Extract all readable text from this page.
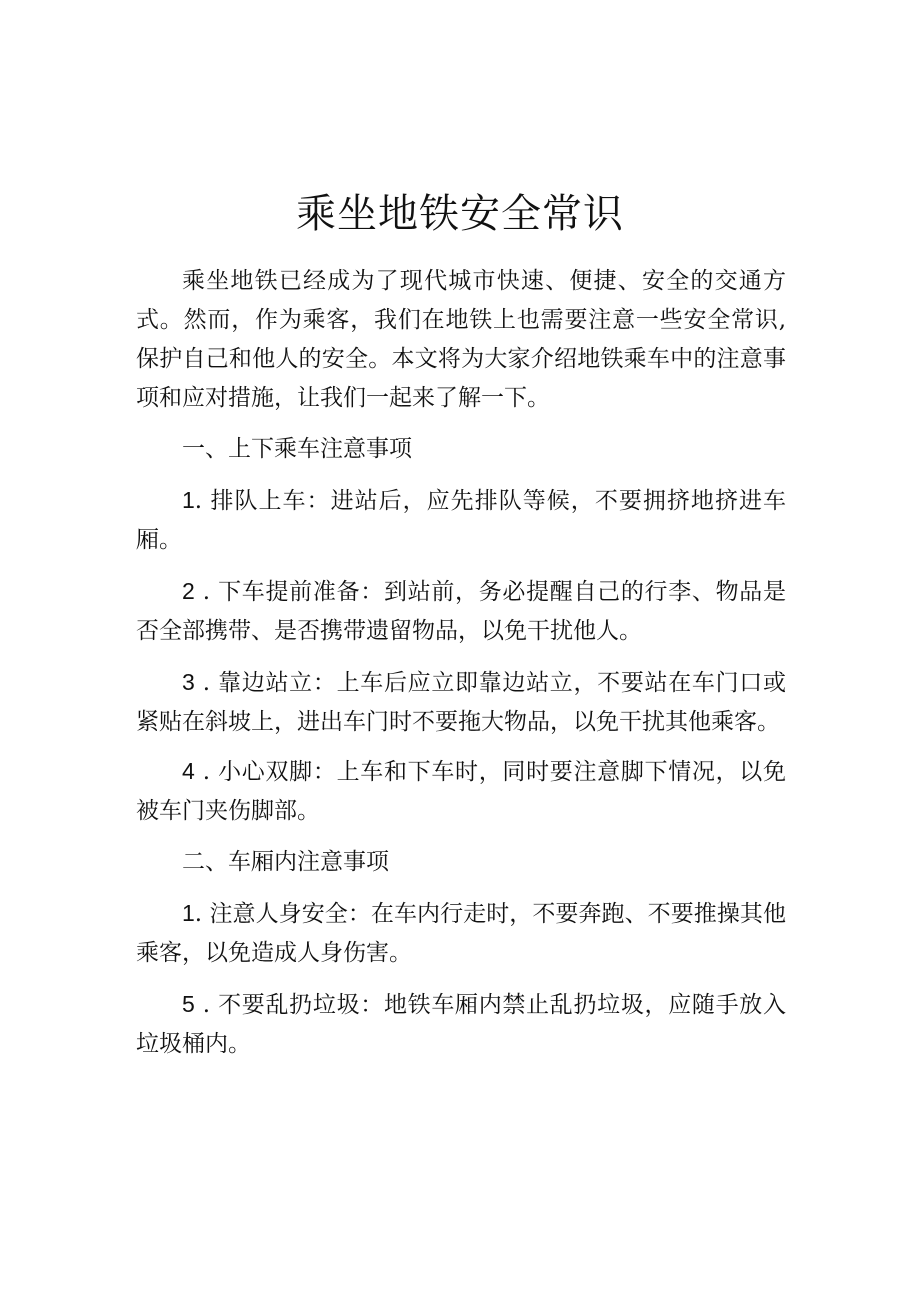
乘坐地铁安全常识

乘坐地铁已经成为了现代城市快速、便捷、安全的交通方式。然而，作为乘客，我们在地铁上也需要注意一些安全常识,保护自己和他人的安全。本文将为大家介绍地铁乘车中的注意事项和应对措施，让我们一起来了解一下。

一、上下乘车注意事项

1. 排队上车：进站后，应先排队等候，不要拥挤地挤进车厢。

2 . 下车提前准备：到站前，务必提醒自己的行李、物品是否全部携带、是否携带遗留物品，以免干扰他人。

3 . 靠边站立：上车后应立即靠边站立，不要站在车门口或紧贴在斜坡上，进出车门时不要拖大物品，以免干扰其他乘客。

4 . 小心双脚：上车和下车时，同时要注意脚下情况，以免被车门夹伤脚部。

二、车厢内注意事项

1. 注意人身安全：在车内行走时，不要奔跑、不要推操其他乘客，以免造成人身伤害。

5 . 不要乱扔垃圾：地铁车厢内禁止乱扔垃圾，应随手放入垃圾桶内。
